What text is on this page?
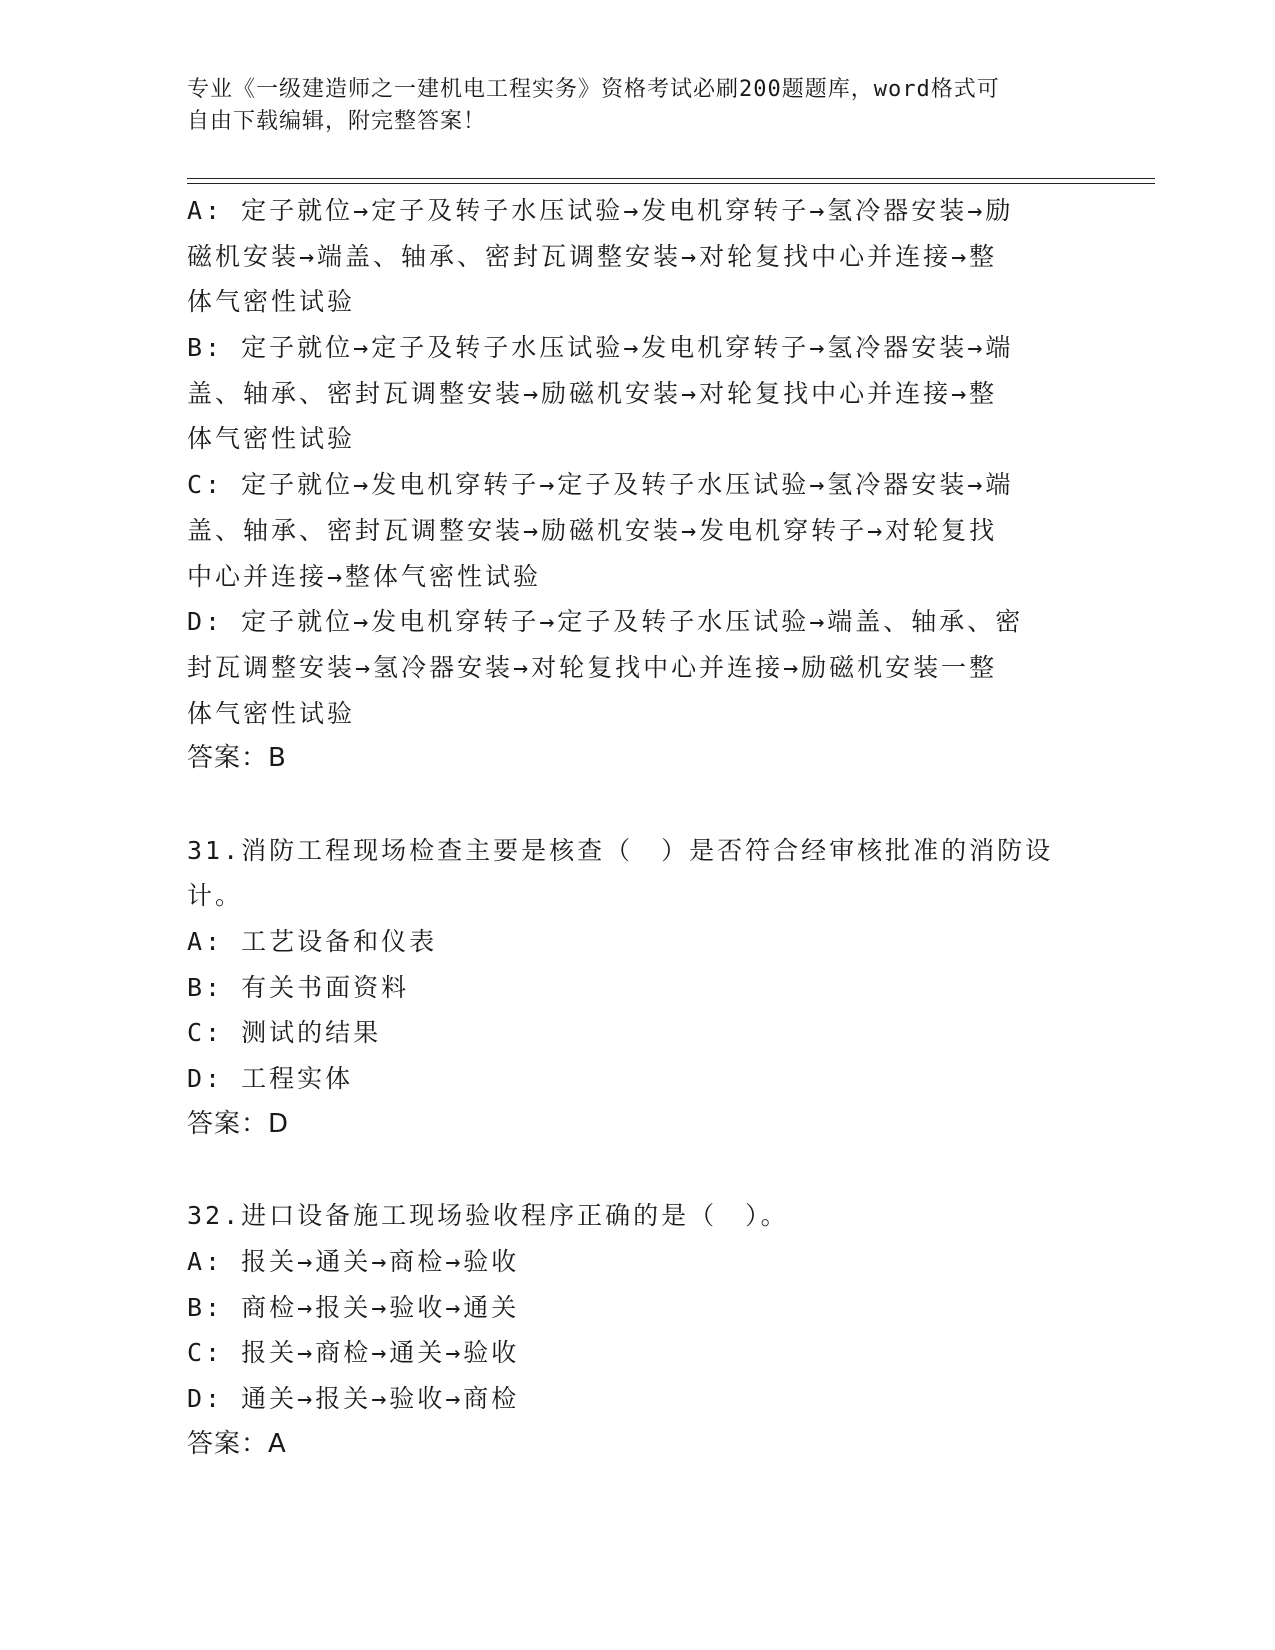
专业《一级建造师之一建机电工程实务》资格考试必刷200题题库，word格式可
自由下载编辑，附完整答案！
A: 定子就位→定子及转子水压试验→发电机穿转子→氢冷器安装→励
磁机安装→端盖、轴承、密封瓦调整安装→对轮复找中心并连接→整
体气密性试验
B: 定子就位→定子及转子水压试验→发电机穿转子→氢冷器安装→端
盖、轴承、密封瓦调整安装→励磁机安装→对轮复找中心并连接→整
体气密性试验
C: 定子就位→发电机穿转子→定子及转子水压试验→氢冷器安装→端
盖、轴承、密封瓦调整安装→励磁机安装→发电机穿转子→对轮复找
中心并连接→整体气密性试验
D: 定子就位→发电机穿转子→定子及转子水压试验→端盖、轴承、密
封瓦调整安装→氢冷器安装→对轮复找中心并连接→励磁机安装一整
体气密性试验
答案：B
31.消防工程现场检查主要是核查（　）是否符合经审核批准的消防设
计。
A: 工艺设备和仪表
B: 有关书面资料
C: 测试的结果
D: 工程实体
答案：D
32.进口设备施工现场验收程序正确的是（　）。
A: 报关→通关→商检→验收
B: 商检→报关→验收→通关
C: 报关→商检→通关→验收
D: 通关→报关→验收→商检
答案：A
